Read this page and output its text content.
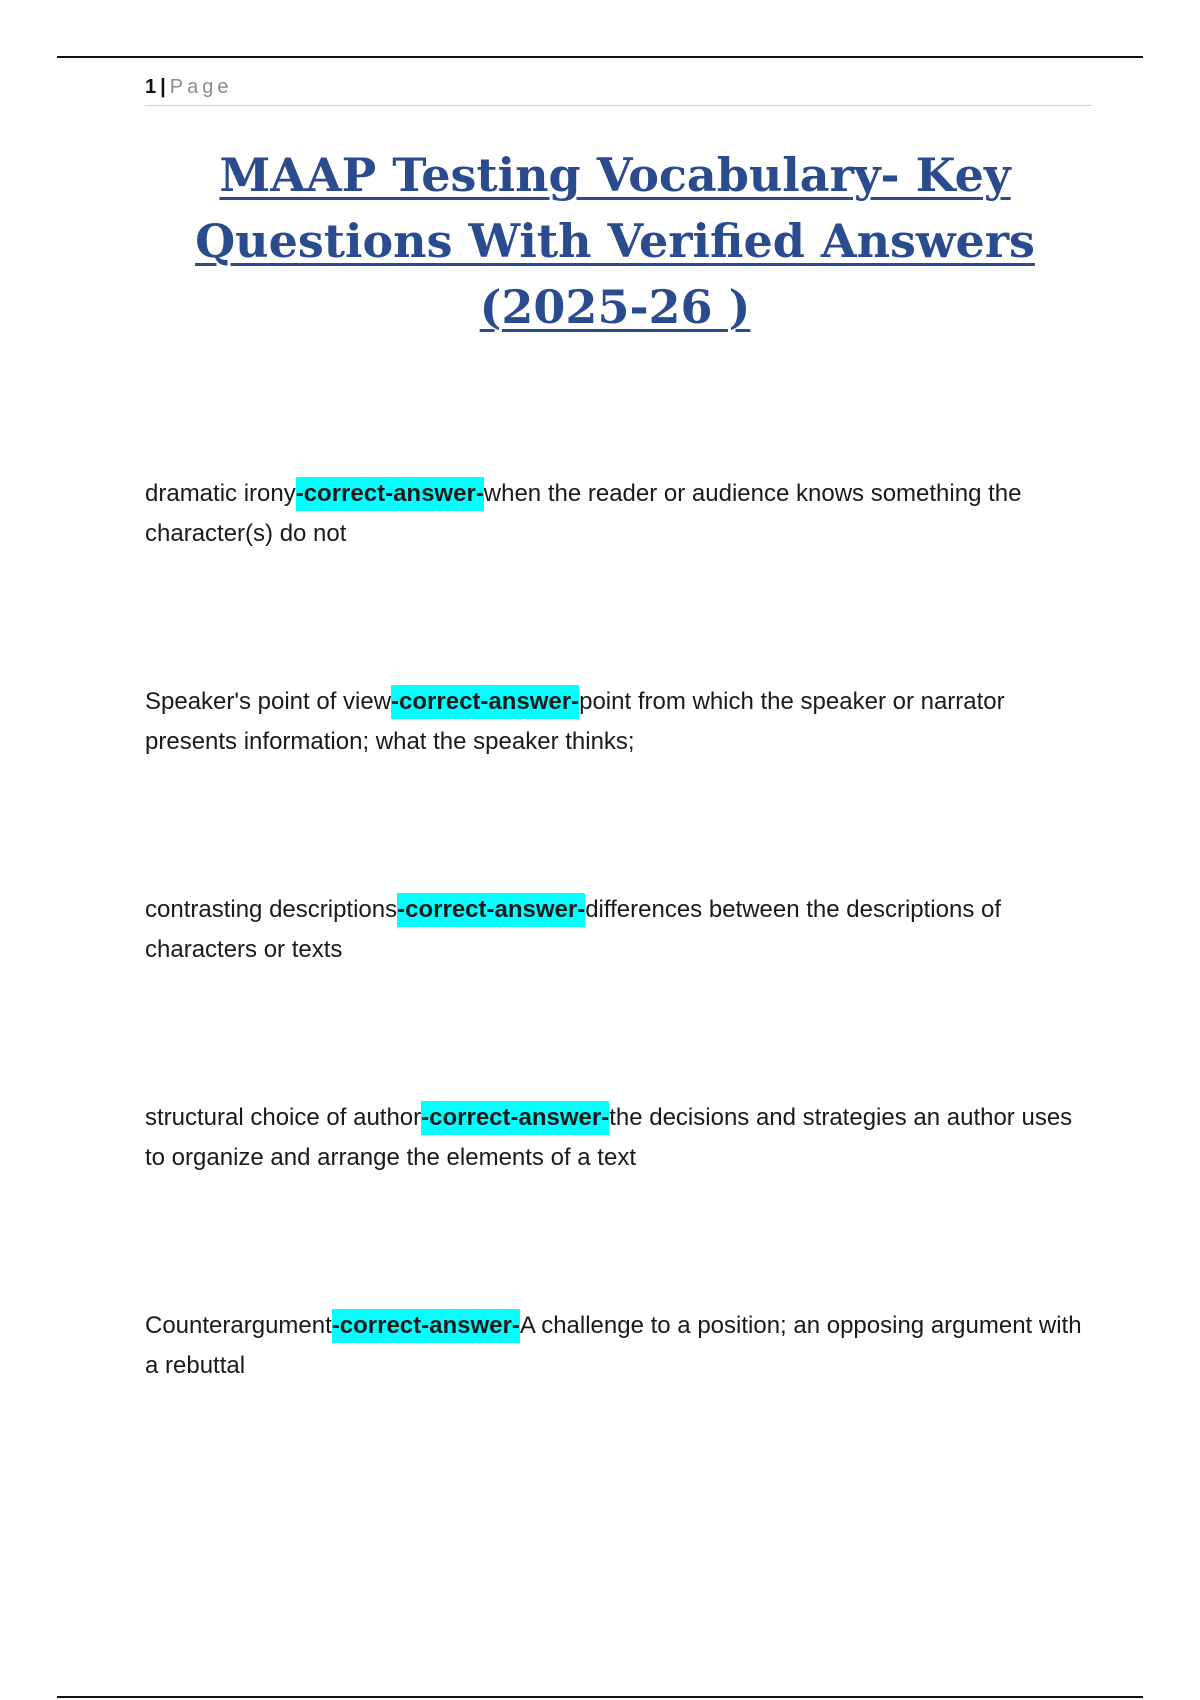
1 | Page
MAAP Testing Vocabulary- Key Questions With Verified Answers (2025-26 )

dramatic irony-correct-answer-when the reader or audience knows something the character(s) do not

Speaker's point of view-correct-answer-point from which the speaker or narrator presents information; what the speaker thinks;

contrasting descriptions-correct-answer-differences between the descriptions of characters or texts

structural choice of author-correct-answer-the decisions and strategies an author uses to organize and arrange the elements of a text

Counterargument-correct-answer-A challenge to a position; an opposing argument with a rebuttal
